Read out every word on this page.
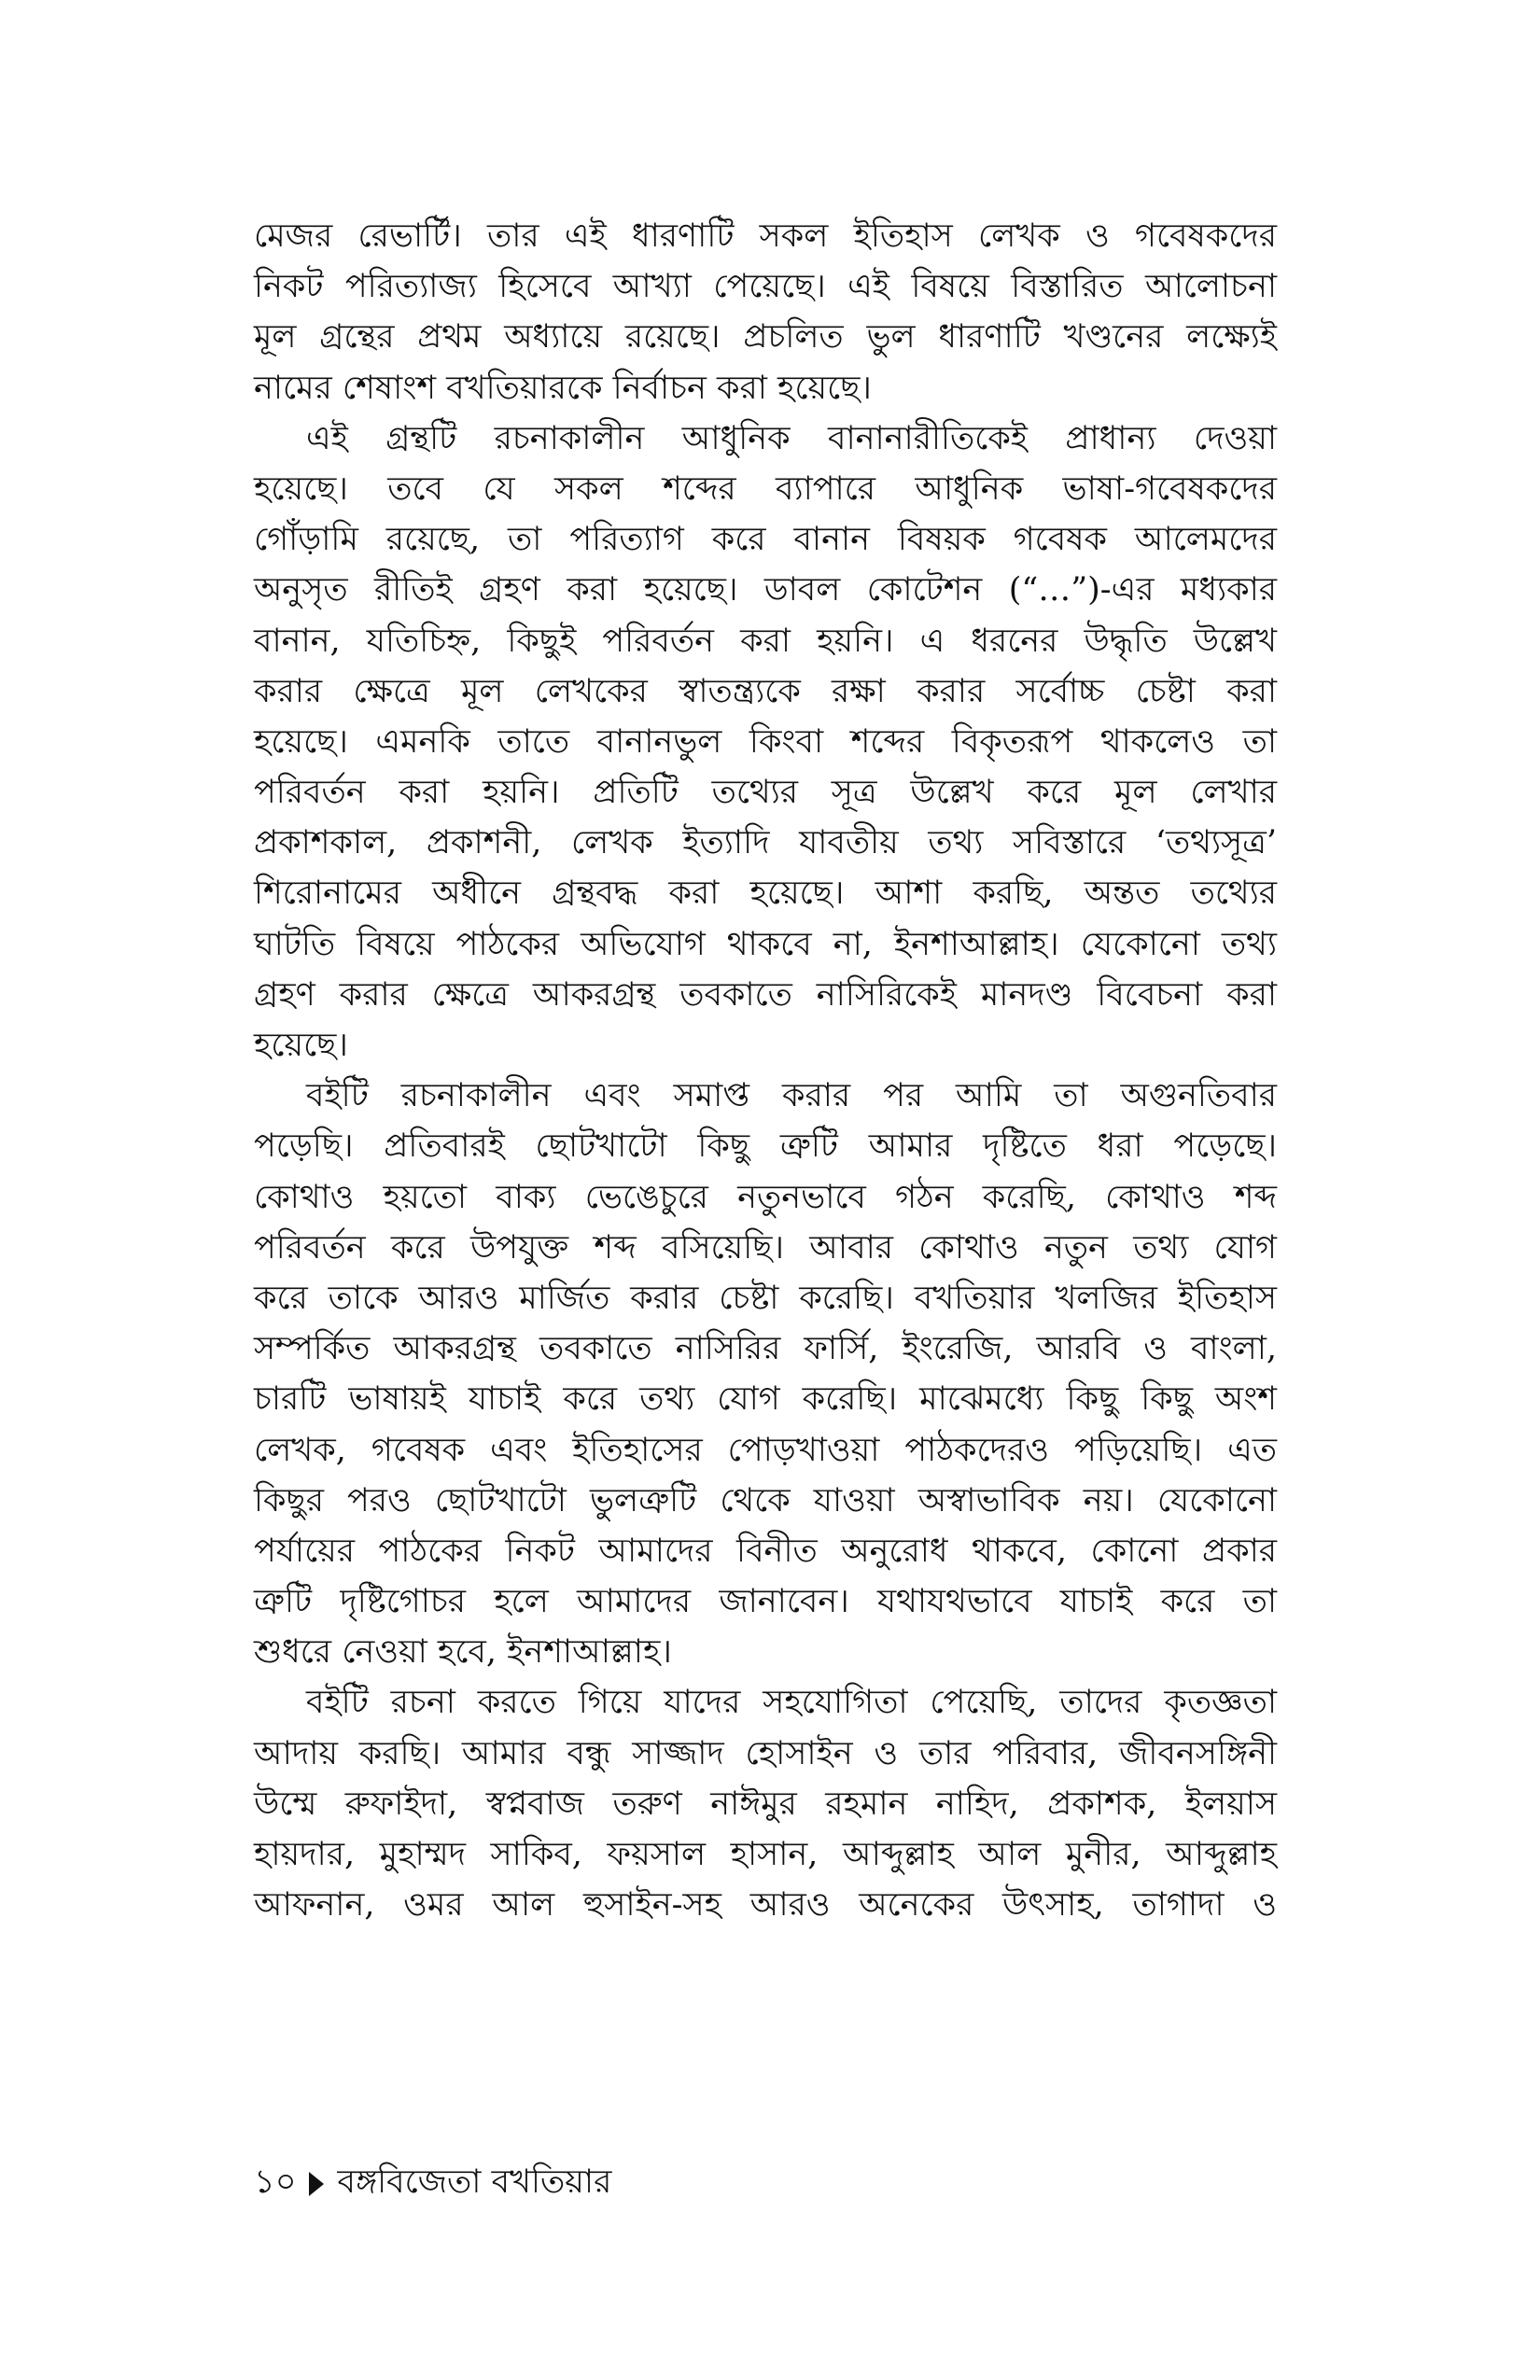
মেজর রেভার্টি। তার এই ধারণাটি সকল ইতিহাস লেখক ও গবেষকদের
নিকট পরিত্যাজ্য হিসেবে আখ্যা পেয়েছে। এই বিষয়ে বিস্তারিত আলোচনা
মূল গ্রন্থের প্রথম অধ্যায়ে রয়েছে। প্রচলিত ভুল ধারণাটি খণ্ডনের লক্ষ্যেই
নামের শেষাংশ বখতিয়ারকে নির্বাচন করা হয়েছে।
এই গ্রন্থটি রচনাকালীন আধুনিক বানানারীতিকেই প্রাধান্য দেওয়া
হয়েছে। তবে যে সকল শব্দের ব্যাপারে আধুনিক ভাষা-গবেষকদের
গোঁড়ামি রয়েছে, তা পরিত্যাগ করে বানান বিষয়ক গবেষক আলেমদের
অনুসৃত রীতিই গ্রহণ করা হয়েছে। ডাবল কোটেশন (“…”)-এর মধ্যকার
বানান, যতিচিহ্ন, কিছুই পরিবর্তন করা হয়নি। এ ধরনের উদ্ধৃতি উল্লেখ
করার ক্ষেত্রে মূল লেখকের স্বাতন্ত্র্যকে রক্ষা করার সর্বোচ্চ চেষ্টা করা
হয়েছে। এমনকি তাতে বানানভুল কিংবা শব্দের বিকৃতরূপ থাকলেও তা
পরিবর্তন করা হয়নি। প্রতিটি তথ্যের সূত্র উল্লেখ করে মূল লেখার
প্রকাশকাল, প্রকাশনী, লেখক ইত্যাদি যাবতীয় তথ্য সবিস্তারে ‘তথ্যসূত্র’
শিরোনামের অধীনে গ্রন্থবদ্ধ করা হয়েছে। আশা করছি, অন্তত তথ্যের
ঘাটতি বিষয়ে পাঠকের অভিযোগ থাকবে না, ইনশাআল্লাহ। যেকোনো তথ্য
গ্রহণ করার ক্ষেত্রে আকরগ্রন্থ তবকাতে নাসিরিকেই মানদণ্ড বিবেচনা করা
হয়েছে।
বইটি রচনাকালীন এবং সমাপ্ত করার পর আমি তা অগুনতিবার
পড়েছি। প্রতিবারই ছোটখাটো কিছু ত্রুটি আমার দৃষ্টিতে ধরা পড়েছে।
কোথাও হয়তো বাক্য ভেঙেচুরে নতুনভাবে গঠন করেছি, কোথাও শব্দ
পরিবর্তন করে উপযুক্ত শব্দ বসিয়েছি। আবার কোথাও নতুন তথ্য যোগ
করে তাকে আরও মার্জিত করার চেষ্টা করেছি। বখতিয়ার খলজির ইতিহাস
সম্পর্কিত আকরগ্রন্থ তবকাতে নাসিরির ফার্সি, ইংরেজি, আরবি ও বাংলা,
চারটি ভাষায়ই যাচাই করে তথ্য যোগ করেছি। মাঝেমধ্যে কিছু কিছু অংশ
লেখক, গবেষক এবং ইতিহাসের পোড়খাওয়া পাঠকদেরও পড়িয়েছি। এত
কিছুর পরও ছোটখাটো ভুলত্রুটি থেকে যাওয়া অস্বাভাবিক নয়। যেকোনো
পর্যায়ের পাঠকের নিকট আমাদের বিনীত অনুরোধ থাকবে, কোনো প্রকার
ত্রুটি দৃষ্টিগোচর হলে আমাদের জানাবেন। যথাযথভাবে যাচাই করে তা
শুধরে নেওয়া হবে, ইনশাআল্লাহ।
বইটি রচনা করতে গিয়ে যাদের সহযোগিতা পেয়েছি, তাদের কৃতজ্ঞতা
আদায় করছি। আমার বন্ধু সাজ্জাদ হোসাইন ও তার পরিবার, জীবনসঙ্গিনী
উম্মে রুফাইদা, স্বপ্নবাজ তরুণ নাঈমুর রহমান নাহিদ, প্রকাশক, ইলয়াস
হায়দার, মুহাম্মদ সাকিব, ফয়সাল হাসান, আব্দুল্লাহ আল মুনীর, আব্দুল্লাহ
আফনান, ওমর আল হুসাইন-সহ আরও অনেকের উৎসাহ, তাগাদা ও
১০ বঙ্গবিজেতা বখতিয়ার
